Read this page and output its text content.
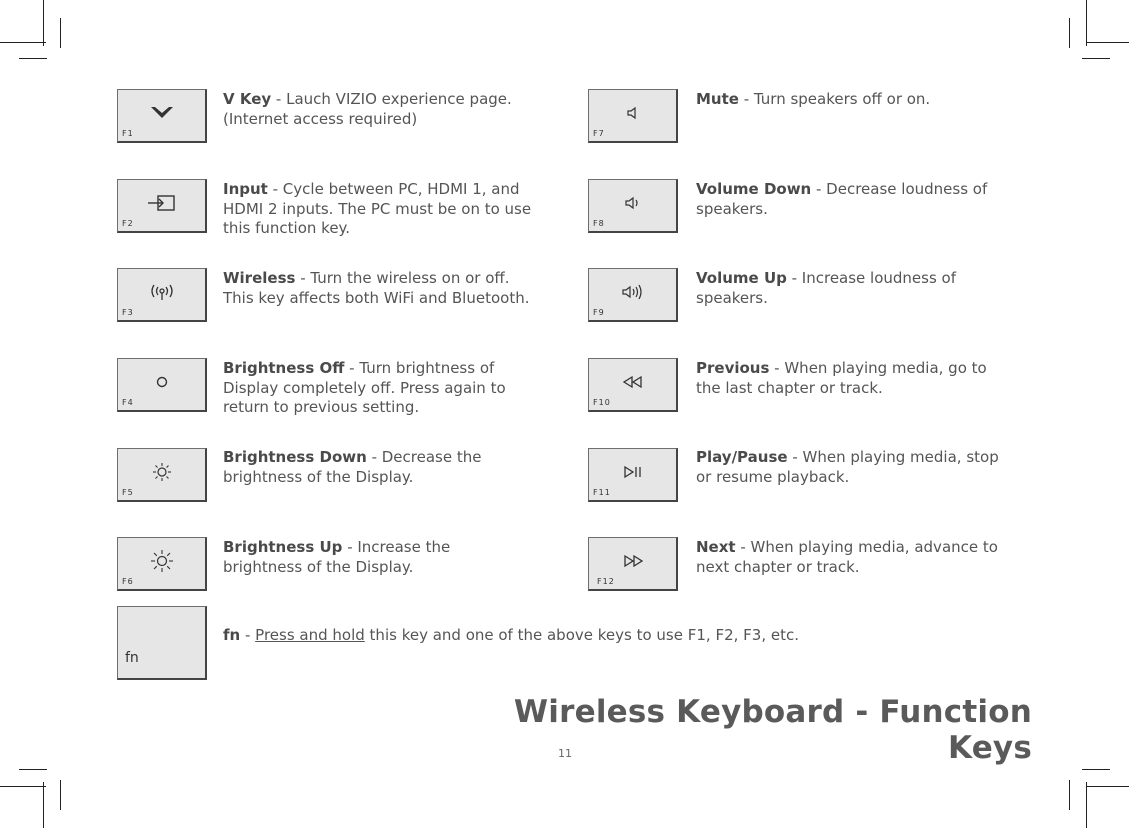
F1
V Key - Lauch VIZIO experience page. (Internet access required)
F2
Input - Cycle between PC, HDMI 1, and HDMI 2 inputs. The PC must be on to use this function key.
F3
Wireless - Turn the wireless on or off. This key affects both WiFi and Bluetooth.
F4
Brightness Off - Turn brightness of Display completely off. Press again to return to previous setting.
F5
Brightness Down - Decrease the brightness of the Display.
F6
Brightness Up - Increase the brightness of the Display.
F7
Mute - Turn speakers off or on.
F8
Volume Down - Decrease loudness of speakers.
F9
Volume Up - Increase loudness of speakers.
F10
Previous - When playing media, go to the last chapter or track.
F11
Play/Pause - When playing media, stop or resume playback.
F12
Next - When playing media, advance to next chapter or track.
fn
fn - Press and hold this key and one of the above keys to use F1, F2, F3, etc.
Wireless Keyboard - Function Keys
11
